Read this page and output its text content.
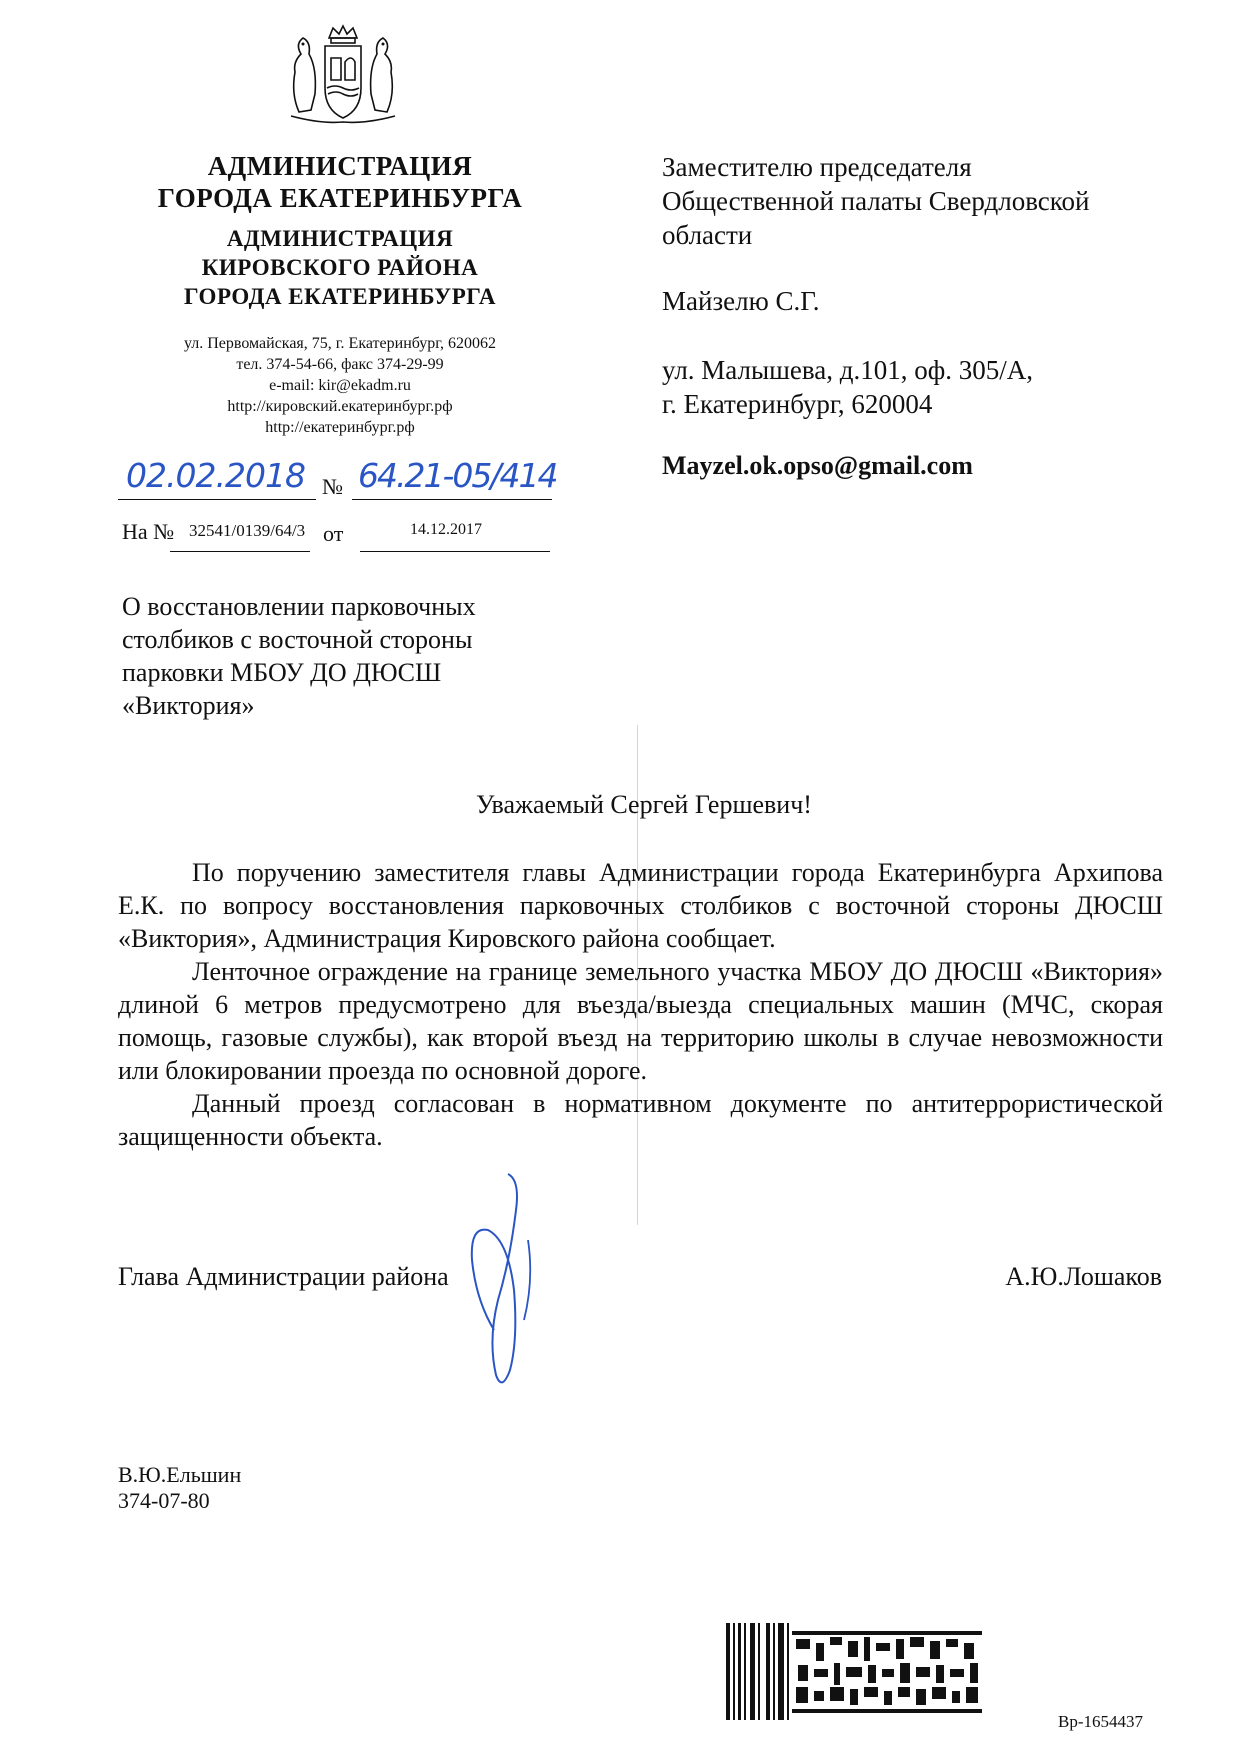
АДМИНИСТРАЦИЯ
ГОРОДА ЕКАТЕРИНБУРГА
АДМИНИСТРАЦИЯ
КИРОВСКОГО РАЙОНА
ГОРОДА ЕКАТЕРИНБУРГА
ул. Первомайская, 75, г. Екатеринбург, 620062
тел. 374-54-66, факс 374-29-99
e-mail: kir@ekadm.ru
http://кировский.екатеринбург.рф
http://екатеринбург.рф
02.02.2018 № 64.21-05/414
На № 32541/0139/64/3 от	14.12.2017
Заместителю председателя
Общественной палаты Свердловской
области
Майзелю С.Г.
ул. Малышева, д.101, оф. 305/А,
г. Екатеринбург, 620004
Mayzel.ok.opso@gmail.com
О восстановлении парковочных
столбиков с восточной стороны
парковки МБОУ ДО ДЮСШ
«Виктория»
Уважаемый Сергей Гершевич!

По поручению заместителя главы Администрации города Екатеринбурга Архипова Е.К. по вопросу восстановления парковочных столбиков с восточной стороны ДЮСШ «Виктория», Администрация Кировского района сообщает.

Ленточное ограждение на границе земельного участка МБОУ ДО ДЮСШ «Виктория» длиной 6 метров предусмотрено для въезда/выезда специальных машин (МЧС, скорая помощь, газовые службы), как второй въезд на территорию школы в случае невозможности или блокировании проезда по основной дороге.

Данный проезд согласован в нормативном документе по антитеррористической защищенности объекта.

Глава Администрации района	А.Ю.Лошаков
В.Ю.Ельшин
374-07-80
Вр-1654437
